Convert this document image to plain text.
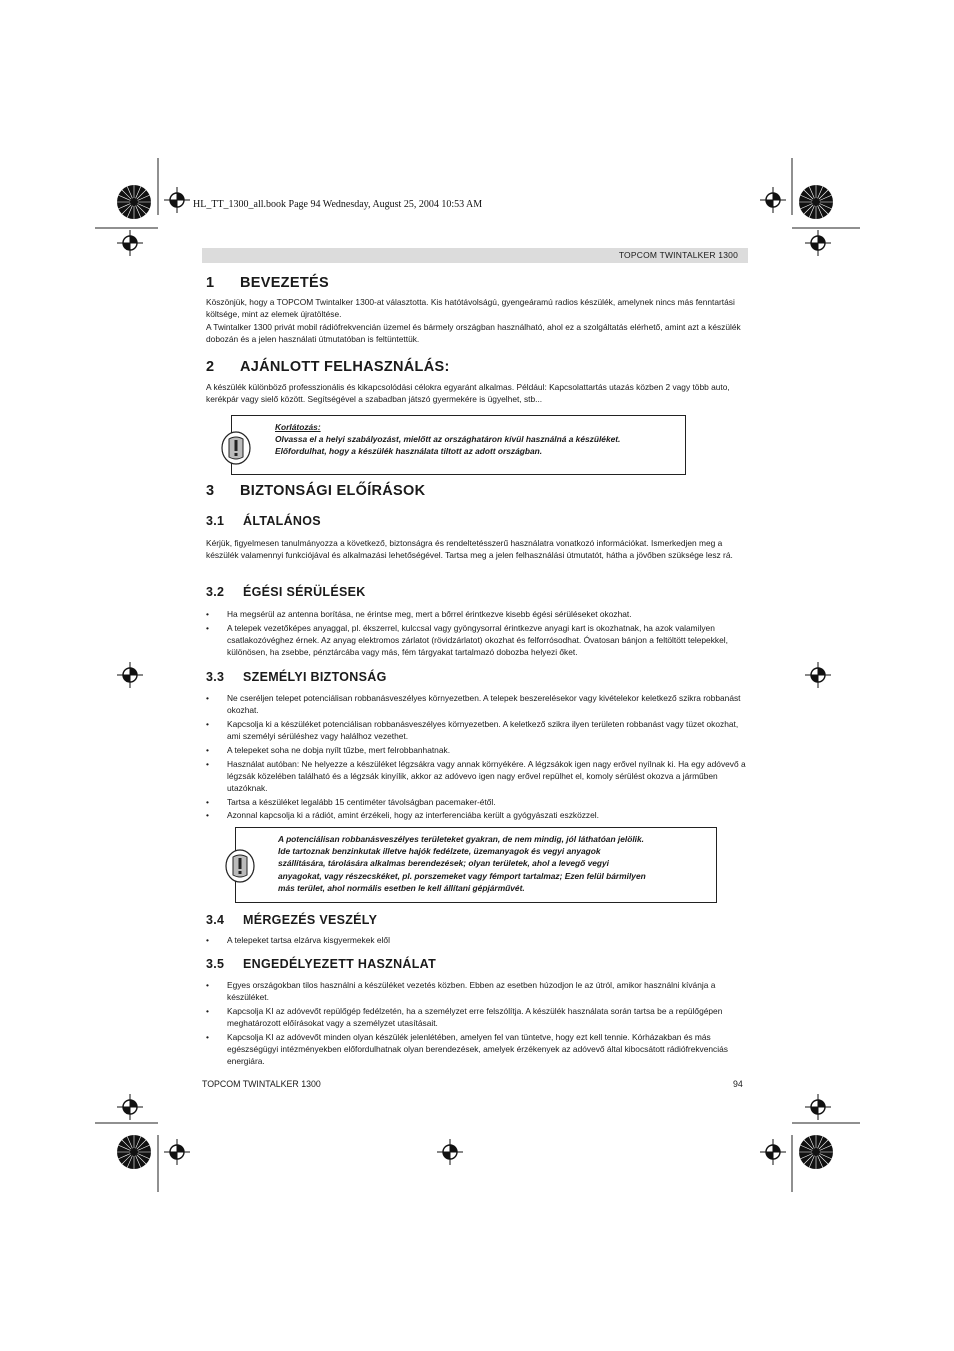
HL_TT_1300_all.book Page 94 Wednesday, August 25, 2004 10:53 AM
TOPCOM TWINTALKER 1300
1 BEVEZETÉS

Köszönjük, hogy a TOPCOM Twintalker 1300-at választotta. Kis hatótávolságú, gyengeáramú radios készülék, amelynek nincs más fenntartási költsége, mint az elemek újratöltése.

A Twintalker 1300 privát mobil rádiófrekvencián üzemel és bármely országban használható, ahol ez a szolgáltatás elérhető, amint azt a készülék dobozán és a jelen használati útmutatóban is feltüntettük.

2 AJÁNLOTT FELHASZNÁLÁS:

A készülék különböző professzionális és kikapcsolódási célokra egyaránt alkalmas. Például: Kapcsolattartás utazás közben 2 vagy több auto, kerékpár vagy sielő között. Segítségével a szabadban játszó gyermekére is ügyelhet, stb...

Korlátozás:
Olvassa el a helyi szabályozást, mielőtt az országhatáron kívül használná a készüléket.
Előfordulhat, hogy a készülék használata tiltott az adott országban.
3 BIZTONSÁGI ELŐÍRÁSOK
3.1 ÁLTALÁNOS

Kérjük, figyelmesen tanulmányozza a következő, biztonságra és rendeltetésszerű használatra vonatkozó információkat. Ismerkedjen meg a készülék valamennyi funkciójával és alkalmazási lehetőségével. Tartsa meg a jelen felhasználási útmutatót, hátha a jövőben szüksége lesz rá.

3.2 ÉGÉSI SÉRÜLÉSEK
• Ha megsérül az antenna borítása, ne érintse meg, mert a bőrrel érintkezve kisebb égési sérüléseket okozhat.
• A telepek vezetőképes anyaggal, pl. ékszerrel, kulccsal vagy gyöngysorral érintkezve anyagi kart is okozhatnak, ha azok valamilyen csatlakozóvéghez érnek. Az anyag elektromos zárlatot (rövidzárlatot) okozhat és felforrósodhat. Óvatosan bánjon a feltöltött telepekkel, különösen, ha zsebbe, pénztárcába vagy más, fém tárgyakat tartalmazó dobozba helyezi őket.
3.3 SZEMÉLYI BIZTONSÁG
• Ne cseréljen telepet potenciálisan robbanásveszélyes környezetben. A telepek beszerelésekor vagy kivételekor keletkező szikra robbanást okozhat.
• Kapcsolja ki a készüléket potenciálisan robbanásveszélyes környezetben. A keletkező szikra ilyen területen robbanást vagy tüzet okozhat, ami személyi sérüléshez vagy halálhoz vezethet.
• A telepeket soha ne dobja nyílt tűzbe, mert felrobbanhatnak.
• Használat autóban: Ne helyezze a készüléket légzsákra vagy annak környékére. A légzsákok igen nagy erővel nyílnak ki. Ha egy adóvevő a légzsák közelében található és a légzsák kinyílik, akkor az adóvevo igen nagy erővel repülhet el, komoly sérülést okozva a járműben utazóknak.
• Tartsa a készüléket legalább 15 centiméter távolságban pacemaker-étől.
• Azonnal kapcsolja ki a rádiót, amint érzékeli, hogy az interferenciába került a gyógyászati eszközzel.
A potenciálisan robbanásveszélyes területeket gyakran, de nem mindig, jól láthatóan jelölik.
Ide tartoznak benzinkutak illetve hajók fedélzete, üzemanyagok és vegyi anyagok
szállítására, tárolására alkalmas berendezések; olyan területek, ahol a levegő vegyi
anyagokat, vagy részecskéket, pl. porszemeket vagy fémport tartalmaz; Ezen felül bármilyen
más terület, ahol normális esetben le kell állítani gépjárművét.
3.4 MÉRGEZÉS VESZÉLY
• A telepeket tartsa elzárva kisgyermekek elől
3.5 ENGEDÉLYEZETT HASZNÁLAT
• Egyes országokban tilos használni a készüléket vezetés közben. Ebben az esetben húzodjon le az útról, amikor használni kívánja a készüléket.
• Kapcsolja KI az adóvevőt repülőgép fedélzetén, ha a személyzet erre felszólítja. A készülék használata során tartsa be a repülőgépen meghatározott előírásokat vagy a személyzet utasításait.
• Kapcsolja KI az adóvevőt minden olyan készülék jelenlétében, amelyen fel van tüntetve, hogy ezt kell tennie. Kórházakban és más egészségügyi intézményekben előfordulhatnak olyan berendezések, amelyek érzékenyek az adóvevő által kibocsátott rádiófrekvenciás energiára.
TOPCOM TWINTALKER 1300	94
